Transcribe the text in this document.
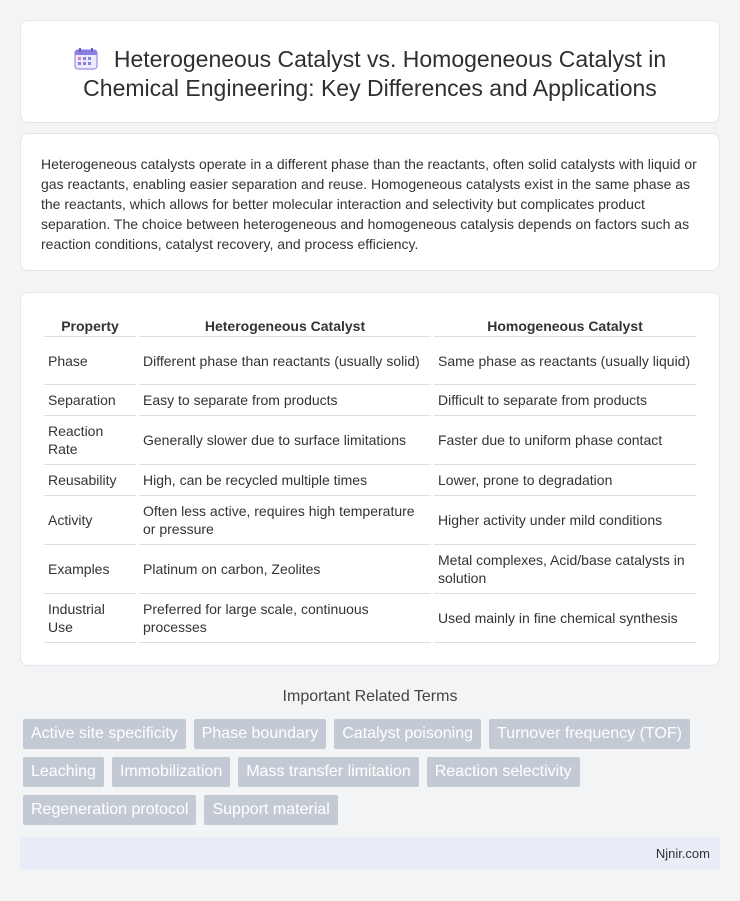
Heterogeneous Catalyst vs. Homogeneous Catalyst in Chemical Engineering: Key Differences and Applications

Heterogeneous catalysts operate in a different phase than the reactants, often solid catalysts with liquid or gas reactants, enabling easier separation and reuse. Homogeneous catalysts exist in the same phase as the reactants, which allows for better molecular interaction and selectivity but complicates product separation. The choice between heterogeneous and homogeneous catalysis depends on factors such as reaction conditions, catalyst recovery, and process efficiency.

Property	Heterogeneous Catalyst	Homogeneous Catalyst
Phase	Different phase than reactants (usually solid)	Same phase as reactants (usually liquid)
Separation	Easy to separate from products	Difficult to separate from products
Reaction Rate	Generally slower due to surface limitations	Faster due to uniform phase contact
Reusability	High, can be recycled multiple times	Lower, prone to degradation
Activity	Often less active, requires high temperature or pressure	Higher activity under mild conditions
Examples	Platinum on carbon, Zeolites	Metal complexes, Acid/base catalysts in solution
Industrial Use	Preferred for large scale, continuous processes	Used mainly in fine chemical synthesis
Important Related Terms
Active site specificity	Phase boundary	Catalyst poisoning	Turnover frequency (TOF)
Leaching	Immobilization	Mass transfer limitation	Reaction selectivity
Regeneration protocol	Support material
Njnir.com
